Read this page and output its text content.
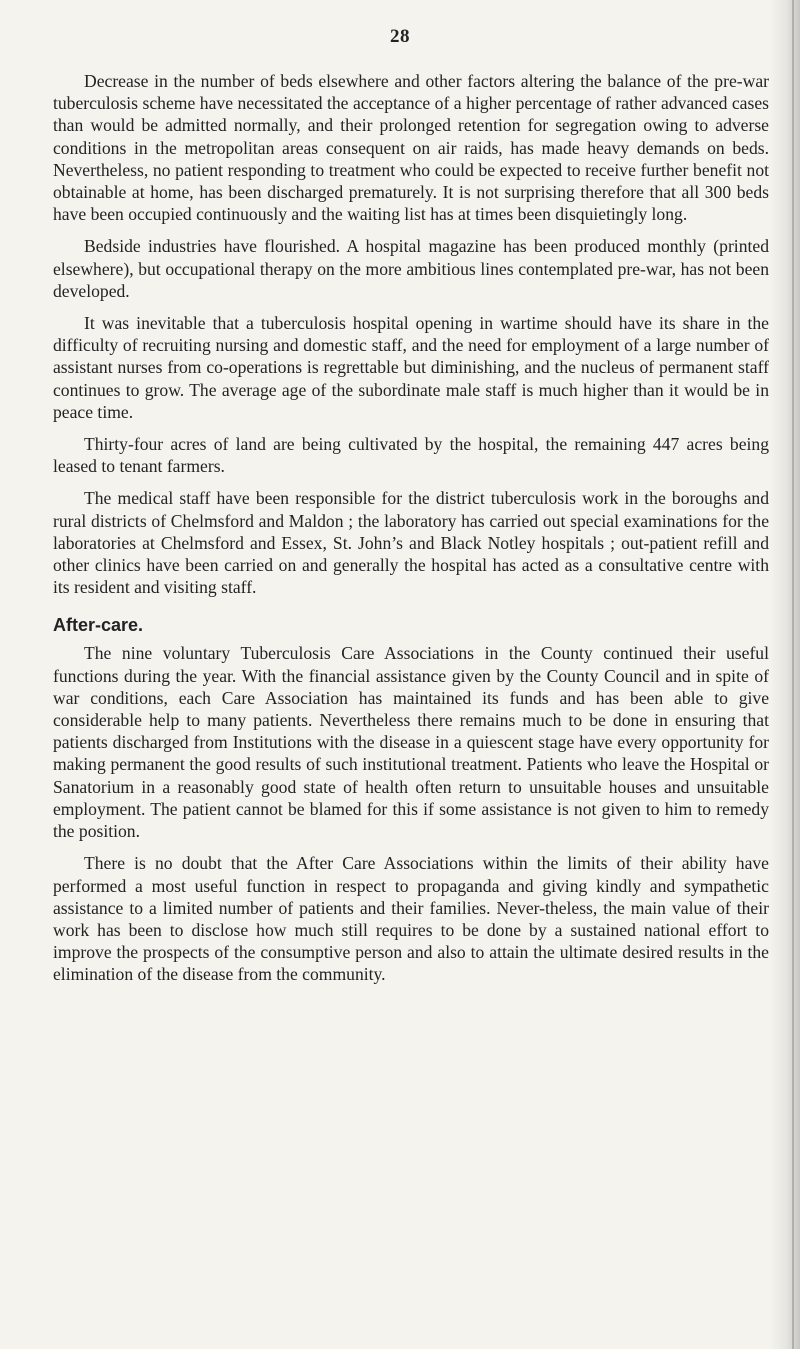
28

Decrease in the number of beds elsewhere and other factors altering the balance of the pre-war tuberculosis scheme have necessitated the acceptance of a higher percentage of rather advanced cases than would be admitted normally, and their prolonged retention for segregation owing to adverse conditions in the metropolitan areas consequent on air raids, has made heavy demands on beds. Nevertheless, no patient responding to treatment who could be expected to receive further benefit not obtainable at home, has been discharged prematurely. It is not surprising therefore that all 300 beds have been occupied continuously and the waiting list has at times been disquietingly long.

Bedside industries have flourished. A hospital magazine has been produced monthly (printed elsewhere), but occupational therapy on the more ambitious lines contemplated pre-war, has not been developed.

It was inevitable that a tuberculosis hospital opening in wartime should have its share in the difficulty of recruiting nursing and domestic staff, and the need for employment of a large number of assistant nurses from co-operations is regrettable but diminishing, and the nucleus of permanent staff continues to grow. The average age of the subordinate male staff is much higher than it would be in peace time.

Thirty-four acres of land are being cultivated by the hospital, the remaining 447 acres being leased to tenant farmers.

The medical staff have been responsible for the district tuberculosis work in the boroughs and rural districts of Chelmsford and Maldon ; the laboratory has carried out special examinations for the laboratories at Chelmsford and Essex, St. John’s and Black Notley hospitals ; out-patient refill and other clinics have been carried on and generally the hospital has acted as a consultative centre with its resident and visiting staff.

After-care.

The nine voluntary Tuberculosis Care Associations in the County continued their useful functions during the year. With the financial assistance given by the County Council and in spite of war conditions, each Care Association has maintained its funds and has been able to give considerable help to many patients. Nevertheless there remains much to be done in ensuring that patients discharged from Institutions with the disease in a quiescent stage have every opportunity for making permanent the good results of such institutional treatment. Patients who leave the Hospital or Sanatorium in a reasonably good state of health often return to unsuitable houses and unsuitable employment. The patient cannot be blamed for this if some assistance is not given to him to remedy the position.

There is no doubt that the After Care Associations within the limits of their ability have performed a most useful function in respect to propaganda and giving kindly and sympathetic assistance to a limited number of patients and their families. Never-theless, the main value of their work has been to disclose how much still requires to be done by a sustained national effort to improve the prospects of the consumptive person and also to attain the ultimate desired results in the elimination of the disease from the community.
